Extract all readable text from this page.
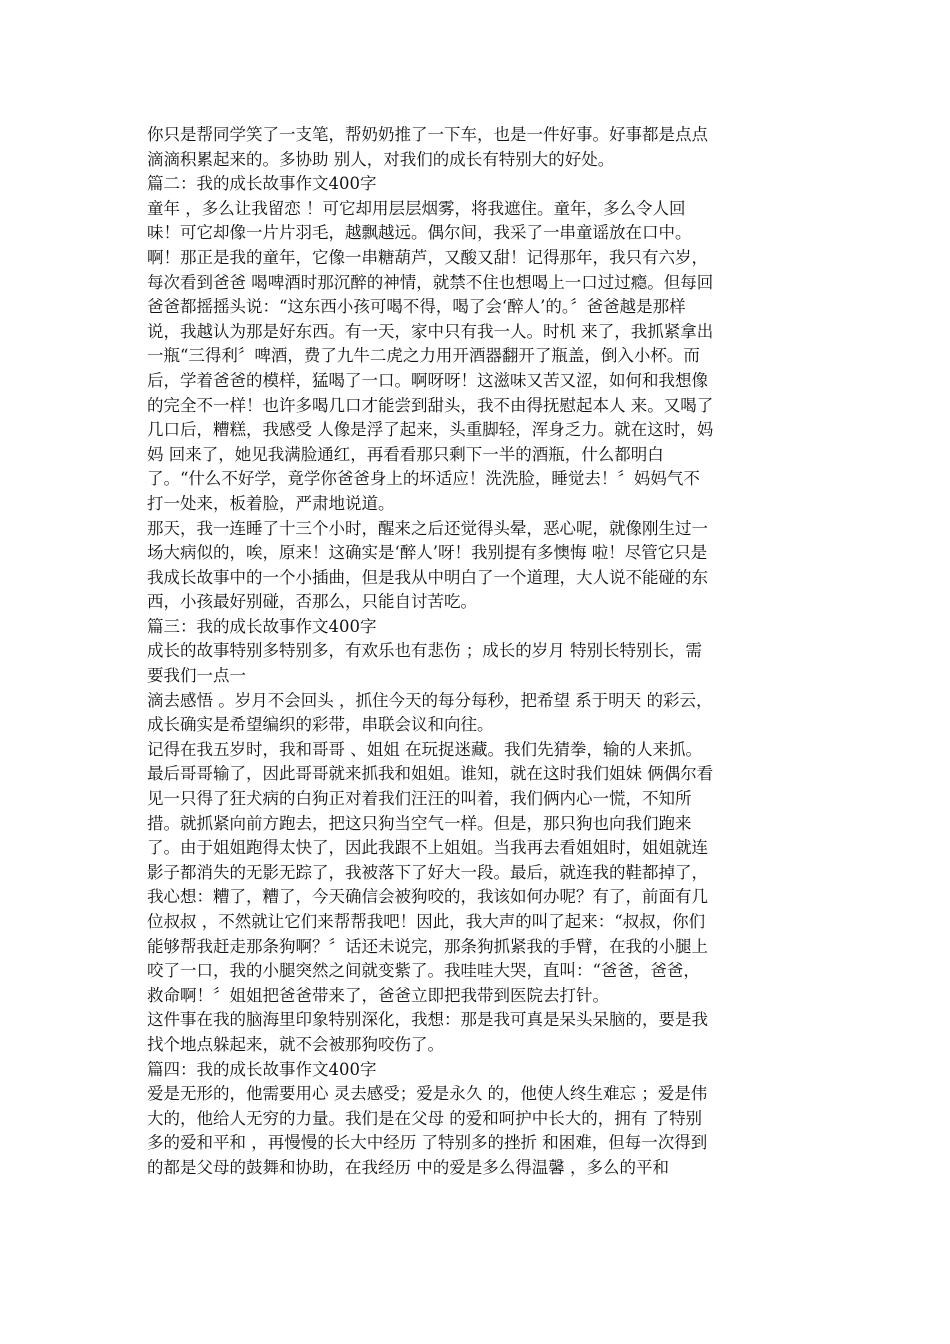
你只是帮同学笑了一支笔，帮奶奶推了一下车，也是一件好事。好事都是点点
滴滴积累起来的。多协助 别人，对我们的成长有特别大的好处。
篇二：我的成长故事作文400字
童年 ，多么让我留恋 ！可它却用层层烟雾，将我遮住。童年，多么令人回
味！可它却像一片片羽毛，越飘越远。偶尔间，我采了一串童谣放在口中。
啊！那正是我的童年，它像一串糖葫芦，又酸又甜！记得那年，我只有六岁，
每次看到爸爸 喝啤酒时那沉醉的神情，就禁不住也想喝上一口过过瘾。但每回
爸爸都摇摇头说：“这东西小孩可喝不得，喝了会‘醉人’的。〞爸爸越是那样
说，我越认为那是好东西。有一天，家中只有我一人。时机 来了，我抓紧拿出
一瓶“三得利〞啤酒，费了九牛二虎之力用开酒器翻开了瓶盖，倒入小杯。而
后，学着爸爸的模样，猛喝了一口。啊呀呀！这滋味又苦又涩，如何和我想像
的完全不一样！也许多喝几口才能尝到甜头，我不由得抚慰起本人 来。又喝了
几口后，糟糕，我感受 人像是浮了起来，头重脚轻，浑身乏力。就在这时，妈
妈 回来了，她见我满脸通红，再看看那只剩下一半的酒瓶，什么都明白
了。“什么不好学，竟学你爸爸身上的坏适应！洗洗脸，睡觉去！〞妈妈气不
打一处来，板着脸，严肃地说道。
那天，我一连睡了十三个小时，醒来之后还觉得头晕，恶心呢，就像刚生过一
场大病似的，唉，原来！这确实是‘醉人’呀！我别提有多懊悔 啦！尽管它只是
我成长故事中的一个小插曲，但是我从中明白了一个道理，大人说不能碰的东
西，小孩最好别碰，否那么，只能自讨苦吃。
篇三：我的成长故事作文400字
成长的故事特别多特别多，有欢乐也有悲伤 ；成长的岁月 特别长特别长，需
要我们一点一
滴去感悟 。岁月不会回头 ，抓住今天的每分每秒，把希望 系于明天 的彩云，
成长确实是希望编织的彩带，串联会议和向往。
记得在我五岁时，我和哥哥 、姐姐 在玩捉迷藏。我们先猜拳，输的人来抓。
最后哥哥输了，因此哥哥就来抓我和姐姐。谁知，就在这时我们姐妹 俩偶尔看
见一只得了狂犬病的白狗正对着我们汪汪的叫着，我们俩内心一慌，不知所
措。就抓紧向前方跑去，把这只狗当空气一样。但是，那只狗也向我们跑来
了。由于姐姐跑得太快了，因此我跟不上姐姐。当我再去看姐姐时，姐姐就连
影子都消失的无影无踪了，我被落下了好大一段。最后，就连我的鞋都掉了，
我心想：糟了，糟了，今天确信会被狗咬的，我该如何办呢？有了，前面有几
位叔叔 ，不然就让它们来帮帮我吧！因此，我大声的叫了起来：“叔叔，你们
能够帮我赶走那条狗啊？〞话还未说完，那条狗抓紧我的手臂，在我的小腿上
咬了一口，我的小腿突然之间就变紫了。我哇哇大哭，直叫：“爸爸，爸爸，
救命啊！〞姐姐把爸爸带来了，爸爸立即把我带到医院去打针。
这件事在我的脑海里印象特别深化，我想：那是我可真是呆头呆脑的，要是我
找个地点躲起来，就不会被那狗咬伤了。
篇四：我的成长故事作文400字
爱是无形的，他需要用心 灵去感受；爱是永久 的，他使人终生难忘 ；爱是伟
大的，他给人无穷的力量。我们是在父母 的爱和呵护中长大的，拥有 了特别
多的爱和平和 ，再慢慢的长大中经历 了特别多的挫折 和困难，但每一次得到
的都是父母的鼓舞和协助，在我经历 中的爱是多么得温馨 ，多么的平和
